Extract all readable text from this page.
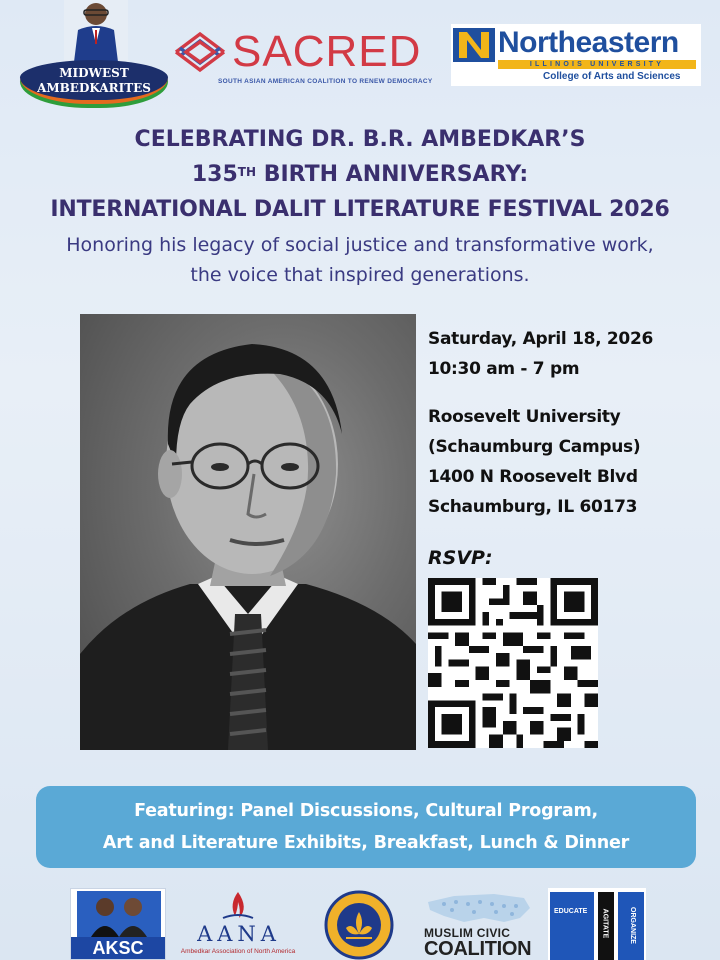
MIDWEST
AMBEDKARITES
SACRED
SOUTH ASIAN AMERICAN COALITION TO RENEW DEMOCRACY
Northeastern
ILLINOIS UNIVERSITY
College of Arts and Sciences
CELEBRATING DR. B.R. AMBEDKAR’S
135TH BIRTH ANNIVERSARY:
INTERNATIONAL DALIT LITERATURE FESTIVAL 2026
Honoring his legacy of social justice and transformative work,
the voice that inspired generations.
Saturday, April 18, 2026
10:30 am - 7 pm
Roosevelt University
(Schaumburg Campus)
1400 N Roosevelt Blvd
Schaumburg, IL 60173
RSVP:
Featuring: Panel Discussions, Cultural Program,
Art and Literature Exhibits, Breakfast, Lunch & Dinner
AKSC
AANA
Ambedkar Association of North America
MUSLIM CIVIC
COALITION
EDUCATE AGITATE	ORGANIZE
